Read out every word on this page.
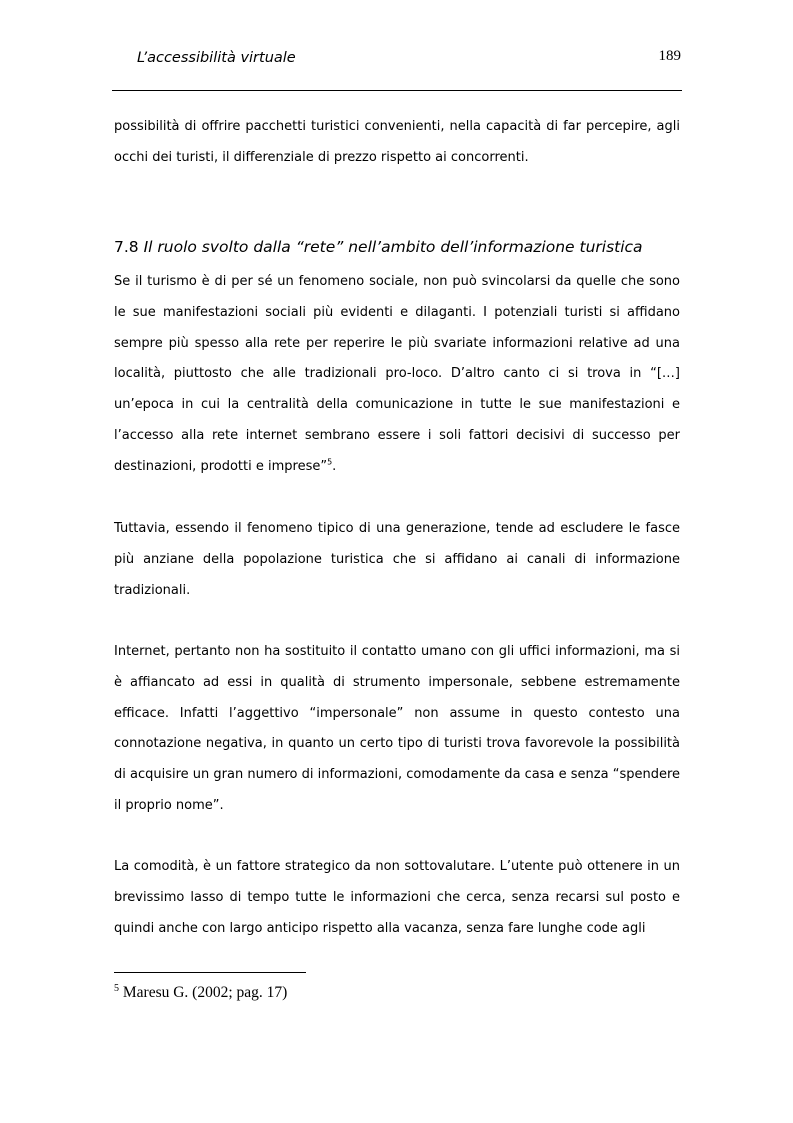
L’accessibilità virtuale	189

possibilità di offrire pacchetti turistici convenienti, nella capacità di far percepire, agli occhi dei turisti, il differenziale di prezzo rispetto ai concorrenti.

7.8 Il ruolo svolto dalla “rete” nell’ambito dell’informazione turistica

Se il turismo è di per sé un fenomeno sociale, non può svincolarsi da quelle che sono le sue manifestazioni sociali più evidenti e dilaganti. I potenziali turisti si affidano sempre più spesso alla rete per reperire le più svariate informazioni relative ad una località, piuttosto che alle tradizionali pro-loco. D’altro canto ci si trova in “[…] un’epoca in cui la centralità della comunicazione in tutte le sue manifestazioni e l’accesso alla rete internet sembrano essere i soli fattori decisivi di successo per destinazioni, prodotti e imprese”$^5$.

Tuttavia, essendo il fenomeno tipico di una generazione, tende ad escludere le fasce più anziane della popolazione turistica che si affidano ai canali di informazione tradizionali.

Internet, pertanto non ha sostituito il contatto umano con gli uffici informazioni, ma si è affiancato ad essi in qualità di strumento impersonale, sebbene estremamente efficace. Infatti l’aggettivo “impersonale” non assume in questo contesto una connotazione negativa, in quanto un certo tipo di turisti trova favorevole la possibilità di acquisire un gran numero di informazioni, comodamente da casa e senza “spendere il proprio nome”.

La comodità, è un fattore strategico da non sottovalutare. L’utente può ottenere in un brevissimo lasso di tempo tutte le informazioni che cerca, senza recarsi sul posto e quindi anche con largo anticipo rispetto alla vacanza, senza fare lunghe code agli

$^5$ Maresu G. (2002; pag. 17)
